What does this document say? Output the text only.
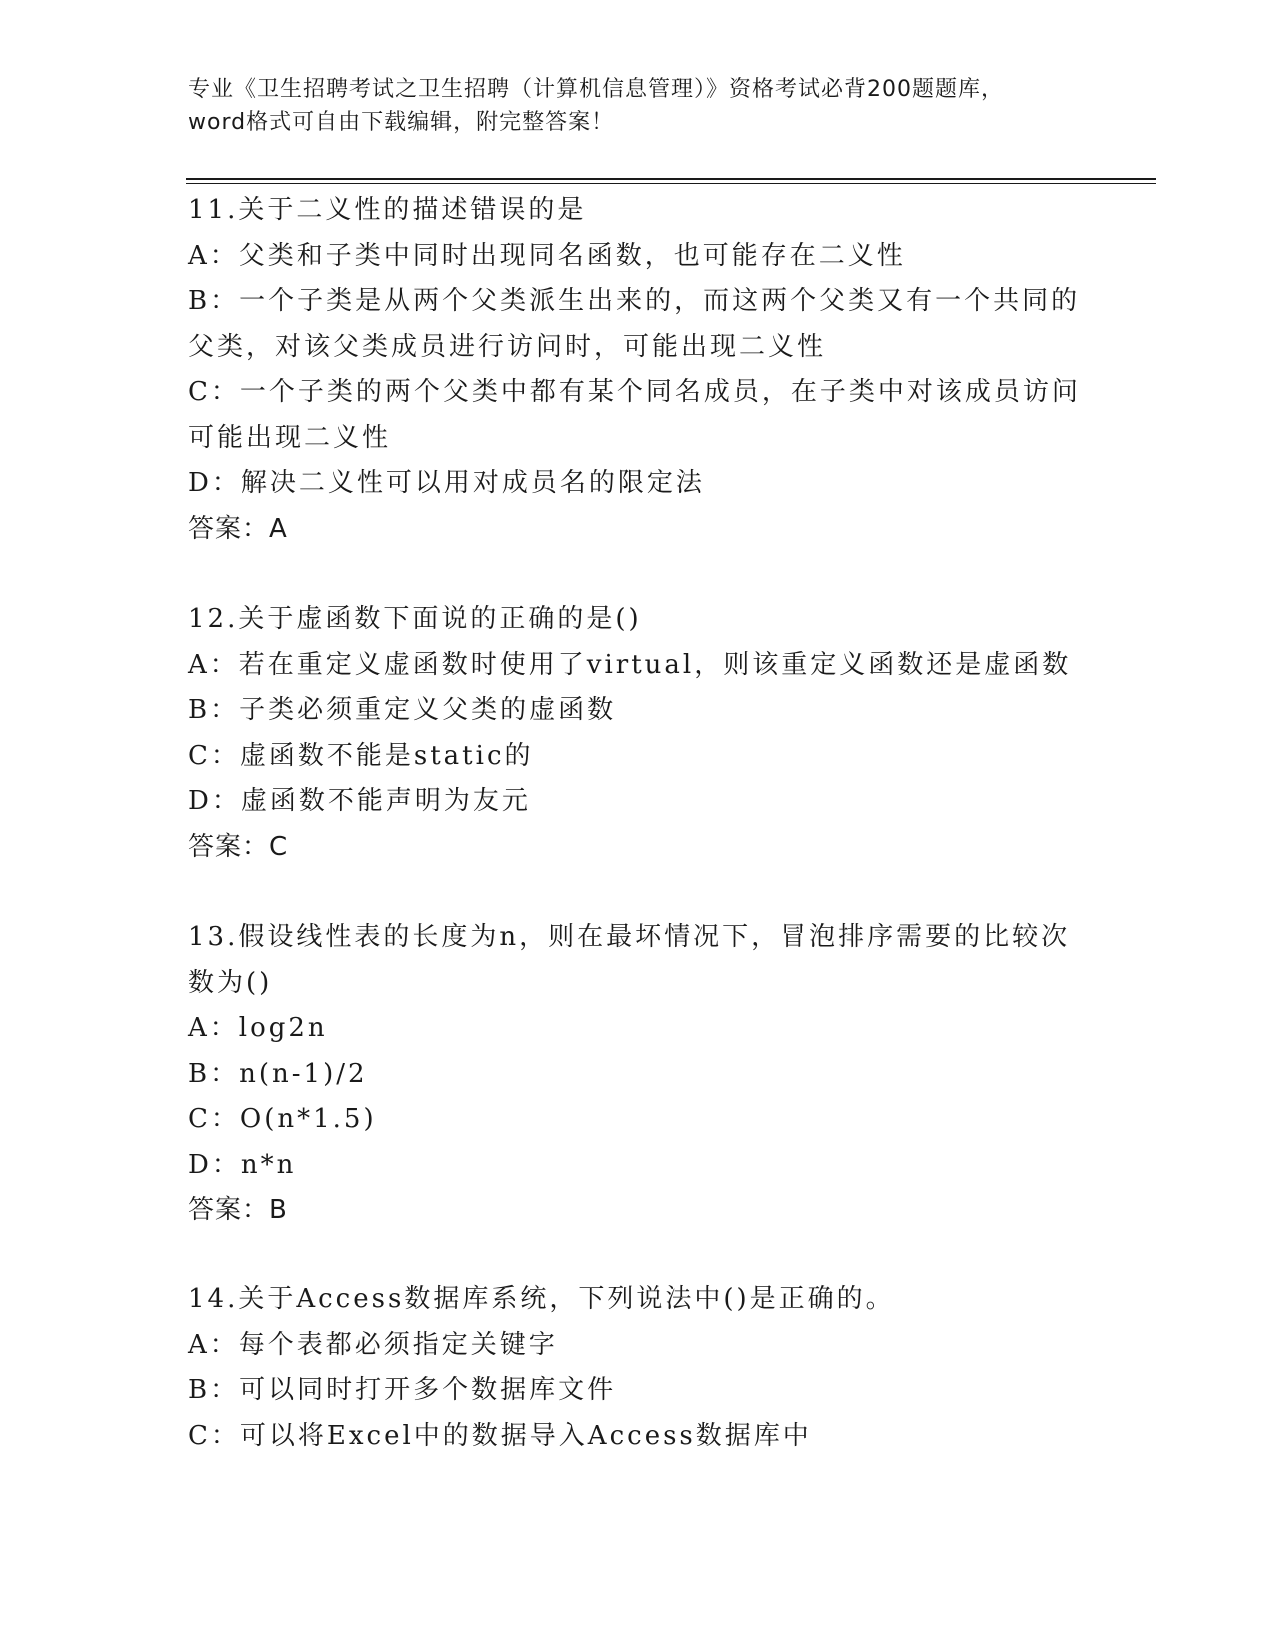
专业《卫生招聘考试之卫生招聘（计算机信息管理）》资格考试必背200题题库，
word格式可自由下载编辑，附完整答案！
11.关于二义性的描述错误的是
A：父类和子类中同时出现同名函数，也可能存在二义性
B：一个子类是从两个父类派生出来的，而这两个父类又有一个共同的
父类，对该父类成员进行访问时，可能出现二义性
C：一个子类的两个父类中都有某个同名成员，在子类中对该成员访问
可能出现二义性
D：解决二义性可以用对成员名的限定法
答案：A
12.关于虚函数下面说的正确的是()
A：若在重定义虚函数时使用了virtual，则该重定义函数还是虚函数
B：子类必须重定义父类的虚函数
C：虚函数不能是static的
D：虚函数不能声明为友元
答案：C
13.假设线性表的长度为n，则在最坏情况下，冒泡排序需要的比较次
数为()
A：log2n
B：n(n-1)/2
C：O(n*1.5)
D：n*n
答案：B
14.关于Access数据库系统，下列说法中()是正确的。
A：每个表都必须指定关键字
B：可以同时打开多个数据库文件
C：可以将Excel中的数据导入Access数据库中
